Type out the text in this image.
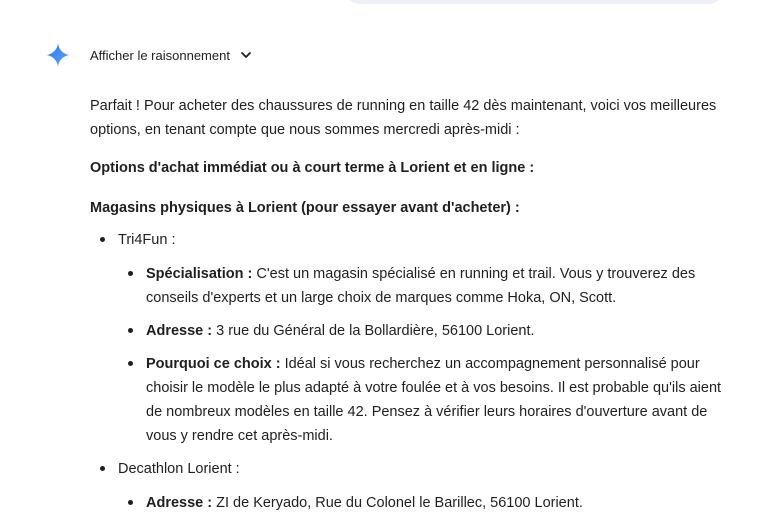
Afficher le raisonnement

Parfait ! Pour acheter des chaussures de running en taille 42 dès maintenant, voici vos meilleures options, en tenant compte que nous sommes mercredi après-midi :

Options d'achat immédiat ou à court terme à Lorient et en ligne :

Magasins physiques à Lorient (pour essayer avant d'acheter) :

Tri4Fun :
Spécialisation : C'est un magasin spécialisé en running et trail. Vous y trouverez des conseils d'experts et un large choix de marques comme Hoka, ON, Scott.
Adresse : 3 rue du Général de la Bollardière, 56100 Lorient.
Pourquoi ce choix : Idéal si vous recherchez un accompagnement personnalisé pour choisir le modèle le plus adapté à votre foulée et à vos besoins. Il est probable qu'ils aient de nombreux modèles en taille 42. Pensez à vérifier leurs horaires d'ouverture avant de vous y rendre cet après-midi.
Decathlon Lorient :
Adresse : ZI de Keryado, Rue du Colonel le Barillec, 56100 Lorient.
